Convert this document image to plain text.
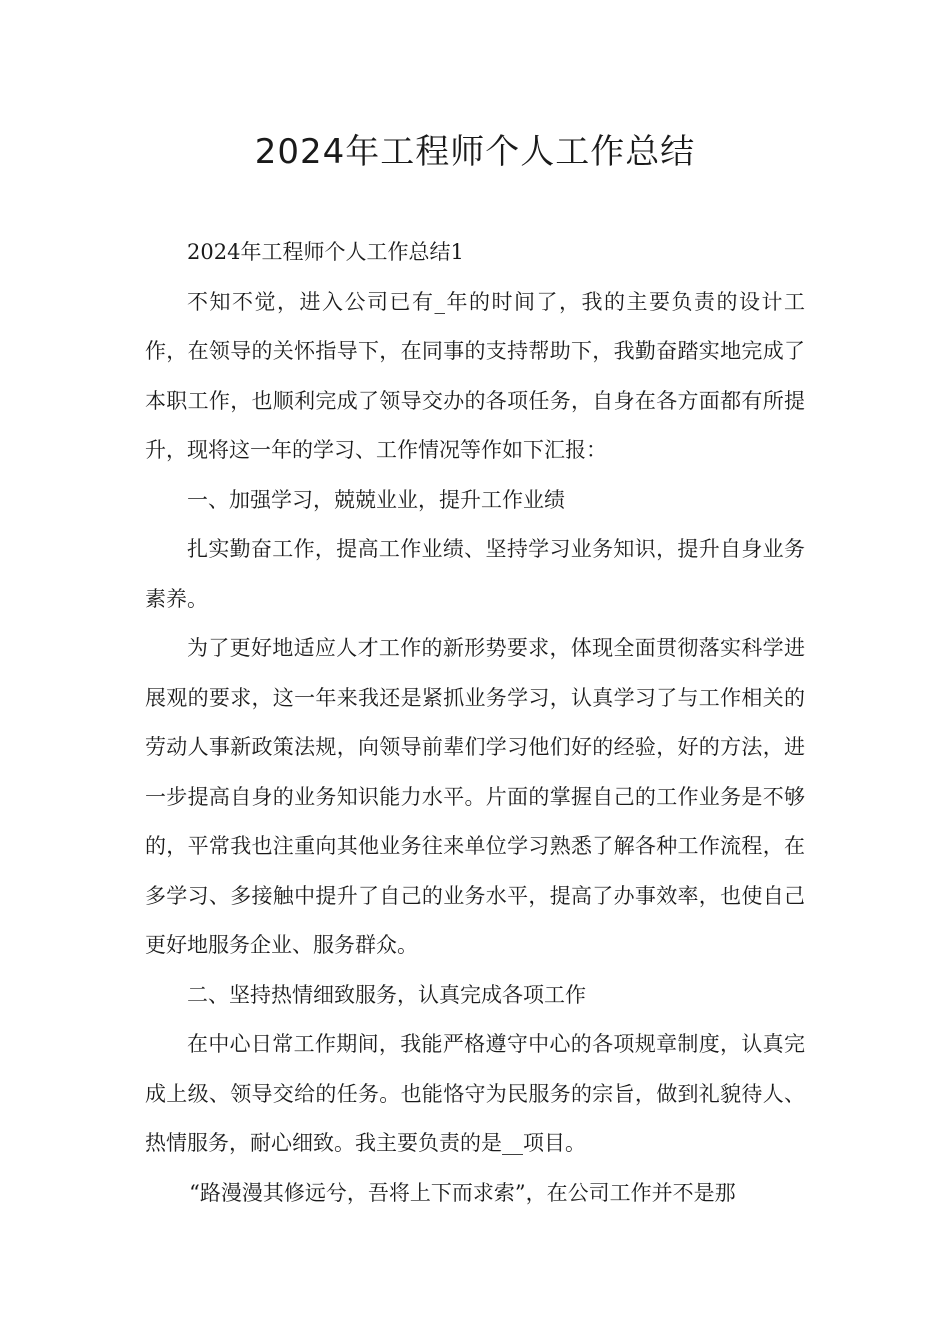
2024年工程师个人工作总结

2024年工程师个人工作总结1

不知不觉，进入公司已有_年的时间了，我的主要负责的设计工作，在领导的关怀指导下，在同事的支持帮助下，我勤奋踏实地完成了本职工作，也顺利完成了领导交办的各项任务，自身在各方面都有所提升，现将这一年的学习、工作情况等作如下汇报：

一、加强学习，兢兢业业，提升工作业绩

扎实勤奋工作，提高工作业绩、坚持学习业务知识，提升自身业务素养。

为了更好地适应人才工作的新形势要求，体现全面贯彻落实科学进展观的要求，这一年来我还是紧抓业务学习，认真学习了与工作相关的劳动人事新政策法规，向领导前辈们学习他们好的经验，好的方法，进一步提高自身的业务知识能力水平。片面的掌握自己的工作业务是不够的，平常我也注重向其他业务往来单位学习熟悉了解各种工作流程，在多学习、多接触中提升了自己的业务水平，提高了办事效率，也使自己更好地服务企业、服务群众。

二、坚持热情细致服务，认真完成各项工作

在中心日常工作期间，我能严格遵守中心的各项规章制度，认真完成上级、领导交给的任务。也能恪守为民服务的宗旨，做到礼貌待人、热情服务，耐心细致。我主要负责的是__项目。

“路漫漫其修远兮，吾将上下而求索”，在公司工作并不是那
